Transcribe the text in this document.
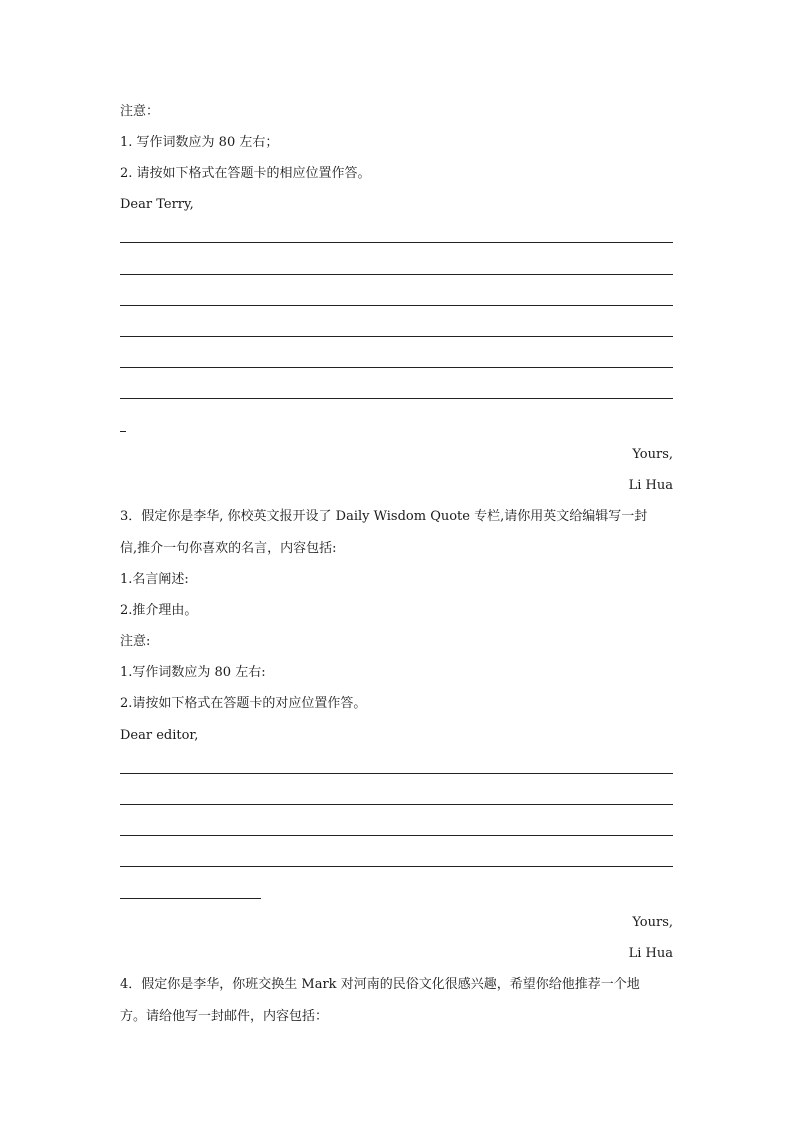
注意：
1. 写作词数应为 80 左右；
2. 请按如下格式在答题卡的相应位置作答。
Dear Terry,
Yours,
Li Hua
3．假定你是李华, 你校英文报开设了 Daily Wisdom Quote 专栏,请你用英文给编辑写一封
信,推介一句你喜欢的名言，内容包括:
1.名言阐述:
2.推介理由。
注意:
1.写作词数应为 80 左右:
2.请按如下格式在答题卡的对应位置作答。
Dear editor,
Yours,
Li Hua
4．假定你是李华，你班交换生 Mark 对河南的民俗文化很感兴趣，希望你给他推荐一个地
方。请给他写一封邮件，内容包括：
